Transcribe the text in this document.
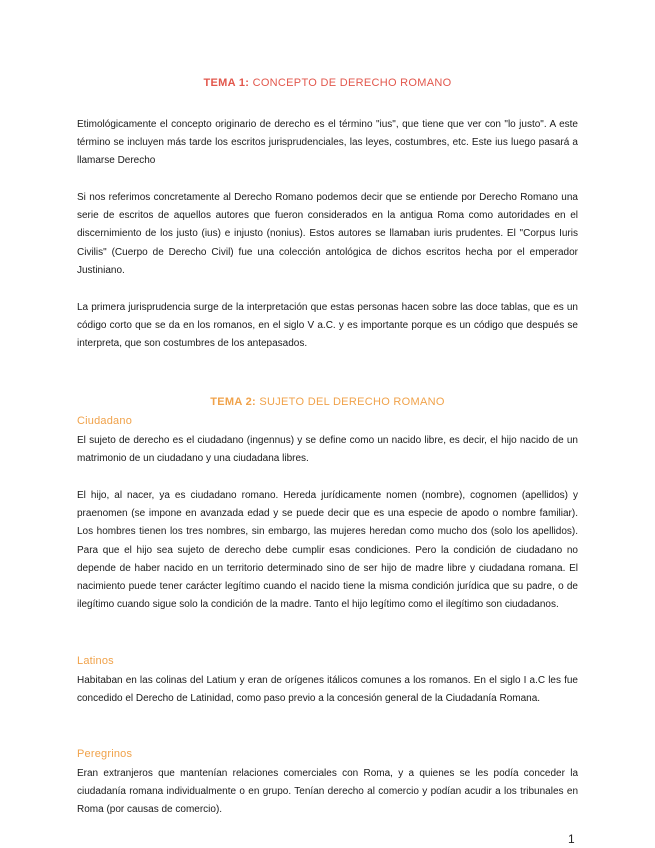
TEMA 1: CONCEPTO DE DERECHO ROMANO

Etimológicamente el concepto originario de derecho es el término "ius", que tiene que ver con "lo justo". A este término se incluyen más tarde los escritos jurisprudenciales, las leyes, costumbres, etc. Este ius luego pasará a llamarse Derecho

Si nos referimos concretamente al Derecho Romano podemos decir que se entiende por Derecho Romano una serie de escritos de aquellos autores que fueron considerados en la antigua Roma como autoridades en el discernimiento de los justo (ius) e injusto (nonius). Estos autores se llamaban iuris prudentes. El "Corpus Iuris Civilis" (Cuerpo de Derecho Civil) fue una colección antológica de dichos escritos hecha por el emperador Justiniano.

La primera jurisprudencia surge de la interpretación que estas personas hacen sobre las doce tablas, que es un código corto que se da en los romanos, en el siglo V a.C. y es importante porque es un código que después se interpreta, que son costumbres de los antepasados.

TEMA 2: SUJETO DEL DERECHO ROMANO
Ciudadano

El sujeto de derecho es el ciudadano (ingennus) y se define como un nacido libre, es decir, el hijo nacido de un matrimonio de un ciudadano y una ciudadana libres.

El hijo, al nacer, ya es ciudadano romano. Hereda jurídicamente nomen (nombre), cognomen (apellidos) y praenomen (se impone en avanzada edad y se puede decir que es una especie de apodo o nombre familiar). Los hombres tienen los tres nombres, sin embargo, las mujeres heredan como mucho dos (solo los apellidos). Para que el hijo sea sujeto de derecho debe cumplir esas condiciones. Pero la condición de ciudadano no depende de haber nacido en un territorio determinado sino de ser hijo de madre libre y ciudadana romana. El nacimiento puede tener carácter legítimo cuando el nacido tiene la misma condición jurídica que su padre, o de ilegítimo cuando sigue solo la condición de la madre. Tanto el hijo legítimo como el ilegítimo son ciudadanos.

Latinos

Habitaban en las colinas del Latium y eran de orígenes itálicos comunes a los romanos. En el siglo I a.C les fue concedido el Derecho de Latinidad, como paso previo a la concesión general de la Ciudadanía Romana.

Peregrinos

Eran extranjeros que mantenían relaciones comerciales con Roma, y a quienes se les podía conceder la ciudadanía romana individualmente o en grupo. Tenían derecho al comercio y podían acudir a los tribunales en Roma (por causas de comercio).

1
